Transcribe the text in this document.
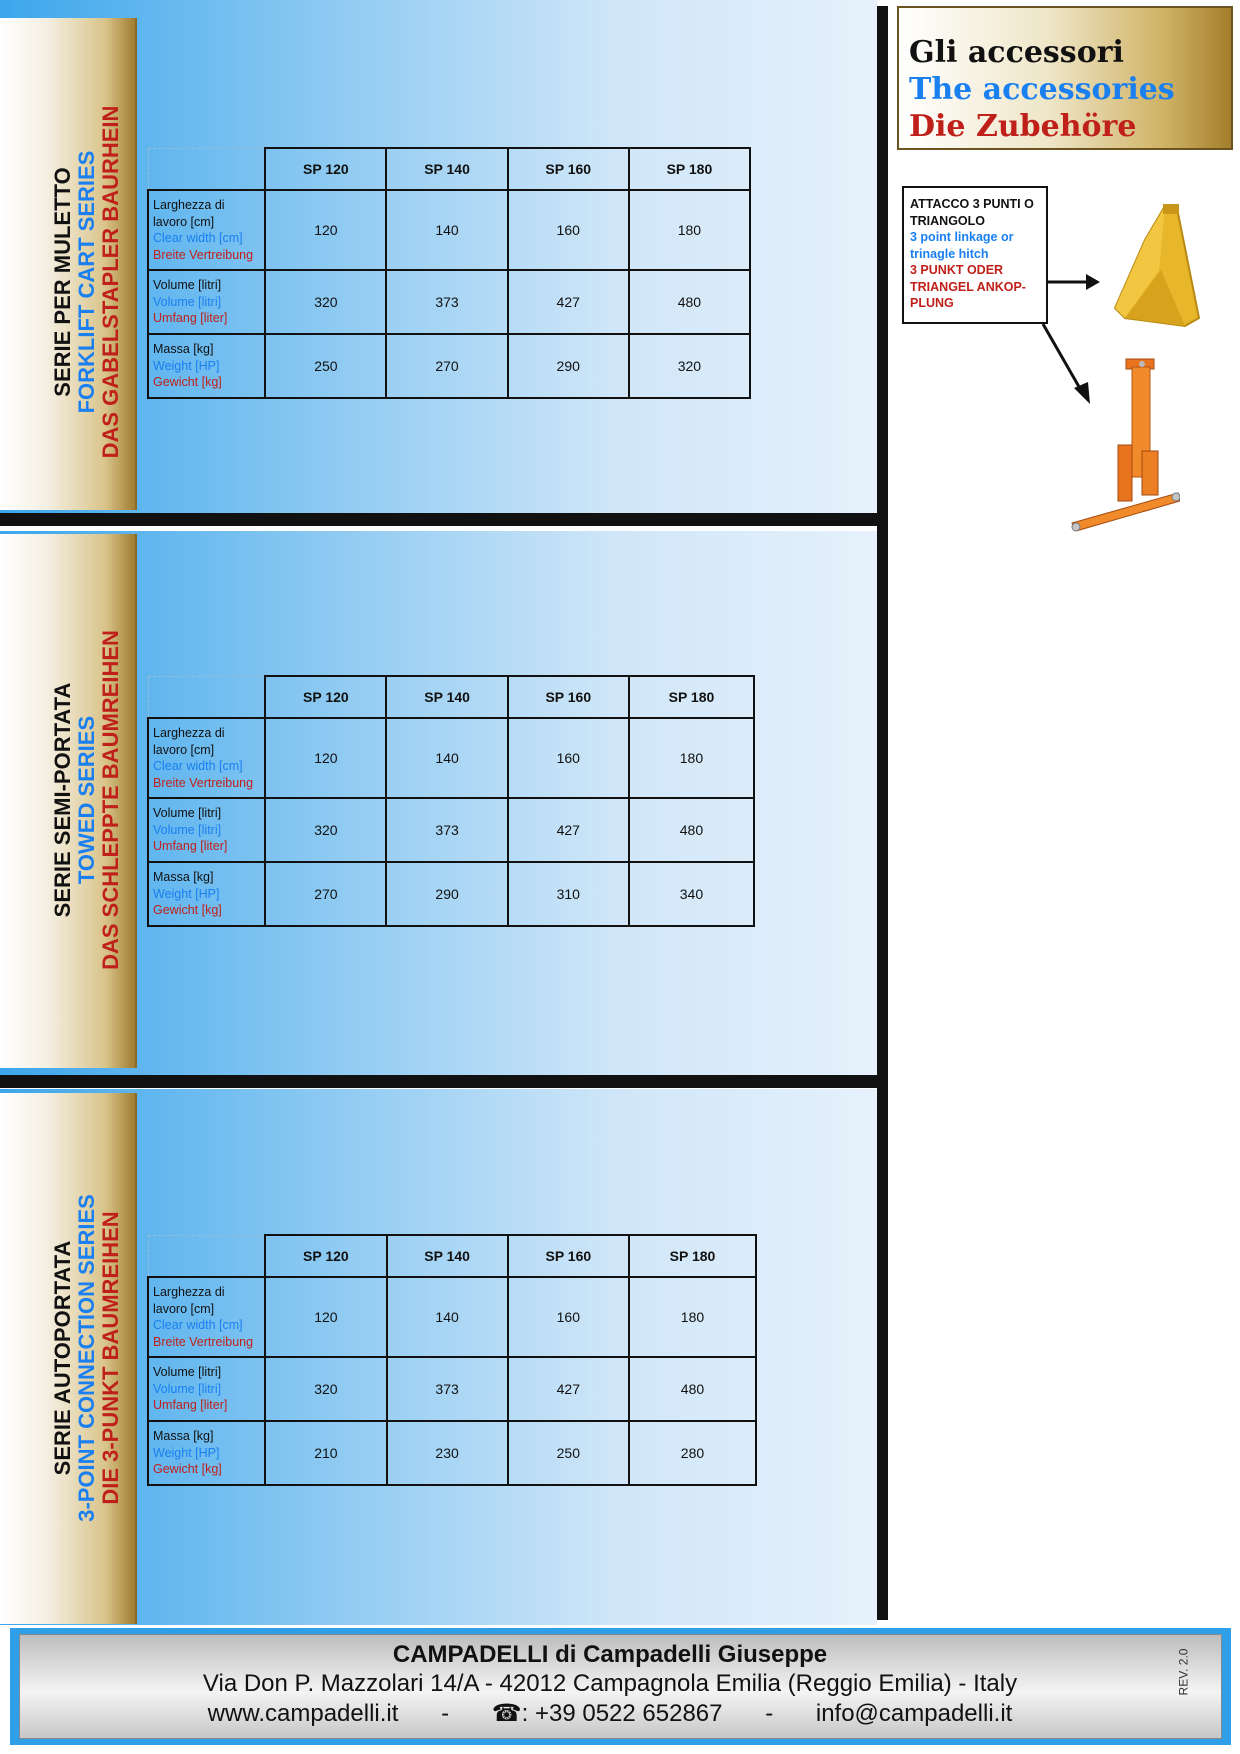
SERIE PER MULETTO FORKLIFT CART SERIES DAS GABELSTAPLER BAURHEIN
SERIE SEMI-PORTATA TOWED SERIES DAS SCHLEPPTE BAUMREIHEN
SERIE AUTOPORTATA 3-POINT CONNECTION SERIES DIE 3-PUNKT BAUMREIHEN
	SP 120	SP 140	SP 160	SP 180

Larghezza di
lavoro [cm]
Clear width [cm]
Breite Vertreibung	120	140	160	180

Volume [litri]
Volume [litri]
Umfang [liter]	320	373	427	480

Massa [kg]
Weight [HP]
Gewicht [kg]	250	270	290	320
	SP 120	SP 140	SP 160	SP 180

Larghezza di
lavoro [cm]
Clear width [cm]
Breite Vertreibung	120	140	160	180

Volume [litri]
Volume [litri]
Umfang [liter]	320	373	427	480

Massa [kg]
Weight [HP]
Gewicht [kg]	270	290	310	340
	SP 120	SP 140	SP 160	SP 180

Larghezza di
lavoro [cm]
Clear width [cm]
Breite Vertreibung	120	140	160	180

Volume [litri]
Volume [litri]
Umfang [liter]	320	373	427	480

Massa [kg]
Weight [HP]
Gewicht [kg]	210	230	250	280
Gli accessori
The accessories
Die Zubehöre
ATTACCO 3 PUNTI O
TRIANGOLO
3 point linkage or
trinagle hitch
3 PUNKT ODER
TRIANGEL ANKOP-
PLUNG
CAMPADELLI di Campadelli Giuseppe
Via Don P. Mazzolari 14/A - 42012 Campagnola Emilia (Reggio Emilia) - Italy
www.campadelli.it - ☎: +39 0522 652867 - info@campadelli.it
REV. 2.0
